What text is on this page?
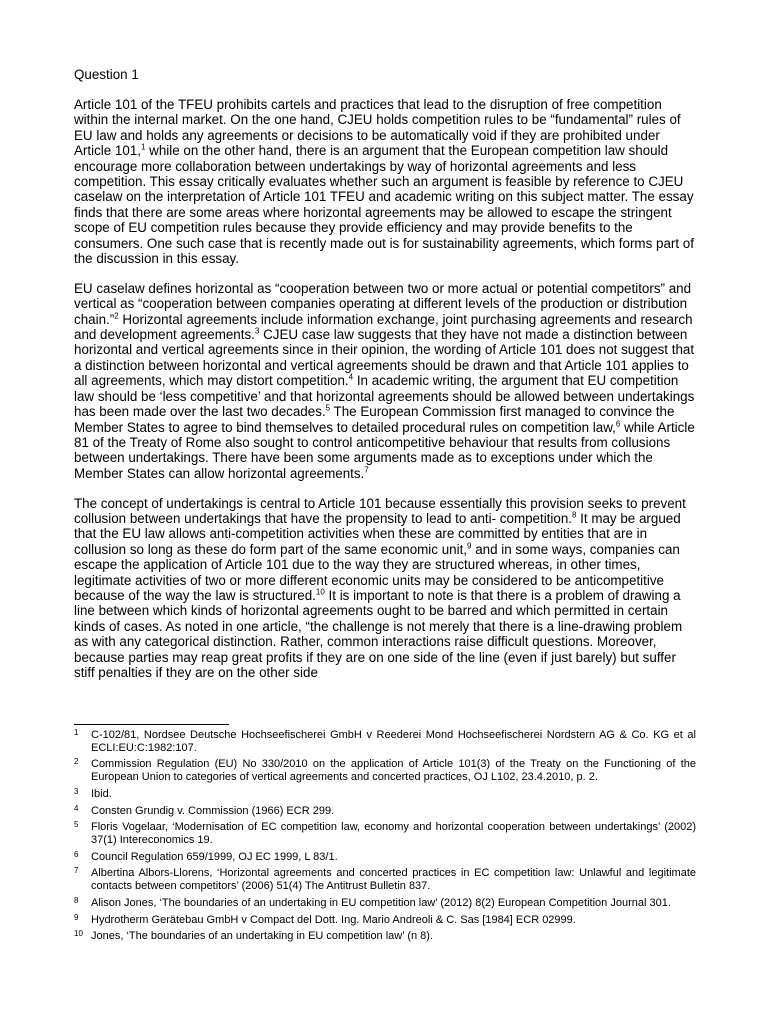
Question 1

Article 101 of the TFEU prohibits cartels and practices that lead to the disruption of free competition within the internal market. On the one hand, CJEU holds competition rules to be “fundamental” rules of EU law and holds any agreements or decisions to be automatically void if they are prohibited under Article 101,$^1$ while on the other hand, there is an argument that the European competition law should encourage more collaboration between undertakings by way of horizontal agreements and less competition. This essay critically evaluates whether such an argument is feasible by reference to CJEU caselaw on the interpretation of Article 101 TFEU and academic writing on this subject matter. The essay finds that there are some areas where horizontal agreements may be allowed to escape the stringent scope of EU competition rules because they provide efficiency and may provide benefits to the consumers. One such case that is recently made out is for sustainability agreements, which forms part of the discussion in this essay.

EU caselaw defines horizontal as “cooperation between two or more actual or potential competitors” and vertical as “cooperation between companies operating at different levels of the production or distribution chain.”$^2$ Horizontal agreements include information exchange, joint purchasing agreements and research and development agreements.$^3$ CJEU case law suggests that they have not made a distinction between horizontal and vertical agreements since in their opinion, the wording of Article 101 does not suggest that a distinction between horizontal and vertical agreements should be drawn and that Article 101 applies to all agreements, which may distort competition.$^4$ In academic writing, the argument that EU competition law should be ‘less competitive’ and that horizontal agreements should be allowed between undertakings has been made over the last two decades.$^5$ The European Commission first managed to convince the Member States to agree to bind themselves to detailed procedural rules on competition law,$^6$ while Article 81 of the Treaty of Rome also sought to control anticompetitive behaviour that results from collusions between undertakings. There have been some arguments made as to exceptions under which the Member States can allow horizontal agreements.$^7$

The concept of undertakings is central to Article 101 because essentially this provision seeks to prevent collusion between undertakings that have the propensity to lead to anti- competition.$^8$ It may be argued that the EU law allows anti-competition activities when these are committed by entities that are in collusion so long as these do form part of the same economic unit,$^9$ and in some ways, companies can escape the application of Article 101 due to the way they are structured whereas, in other times, legitimate activities of two or more different economic units may be considered to be anticompetitive because of the way the law is structured.$^{10}$ It is important to note is that there is a problem of drawing a line between which kinds of horizontal agreements ought to be barred and which permitted in certain kinds of cases. As noted in one article, “the challenge is not merely that there is a line-drawing problem as with any categorical distinction. Rather, common interactions raise difficult questions. Moreover, because parties may reap great profits if they are on one side of the line (even if just barely) but suffer stiff penalties if they are on the other side

1 C-102/81, Nordsee Deutsche Hochseefischerei GmbH v Reederei Mond Hochseefischerei Nordstern AG & Co. KG et al ECLI:EU:C:1982:107.
2 Commission Regulation (EU) No 330/2010 on the application of Article 101(3) of the Treaty on the Functioning of the European Union to categories of vertical agreements and concerted practices, OJ L102, 23.4.2010, p. 2.
3 Ibid.
4 Consten Grundig v. Commission (1966) ECR 299.
5 Floris Vogelaar, ‘Modernisation of EC competition law, economy and horizontal cooperation between undertakings’ (2002) 37(1) Intereconomics 19.
6 Council Regulation 659/1999, OJ EC 1999, L 83/1.
7 Albertina Albors-Llorens, ‘Horizontal agreements and concerted practices in EC competition law: Unlawful and legitimate contacts between competitors’ (2006) 51(4) The Antitrust Bulletin 837.
8 Alison Jones, ‘The boundaries of an undertaking in EU competition law’ (2012) 8(2) European Competition Journal 301.
9 Hydrotherm Gerätebau GmbH v Compact del Dott. Ing. Mario Andreoli & C. Sas [1984] ECR 02999.
10 Jones, ‘The boundaries of an undertaking in EU competition law’ (n 8).
